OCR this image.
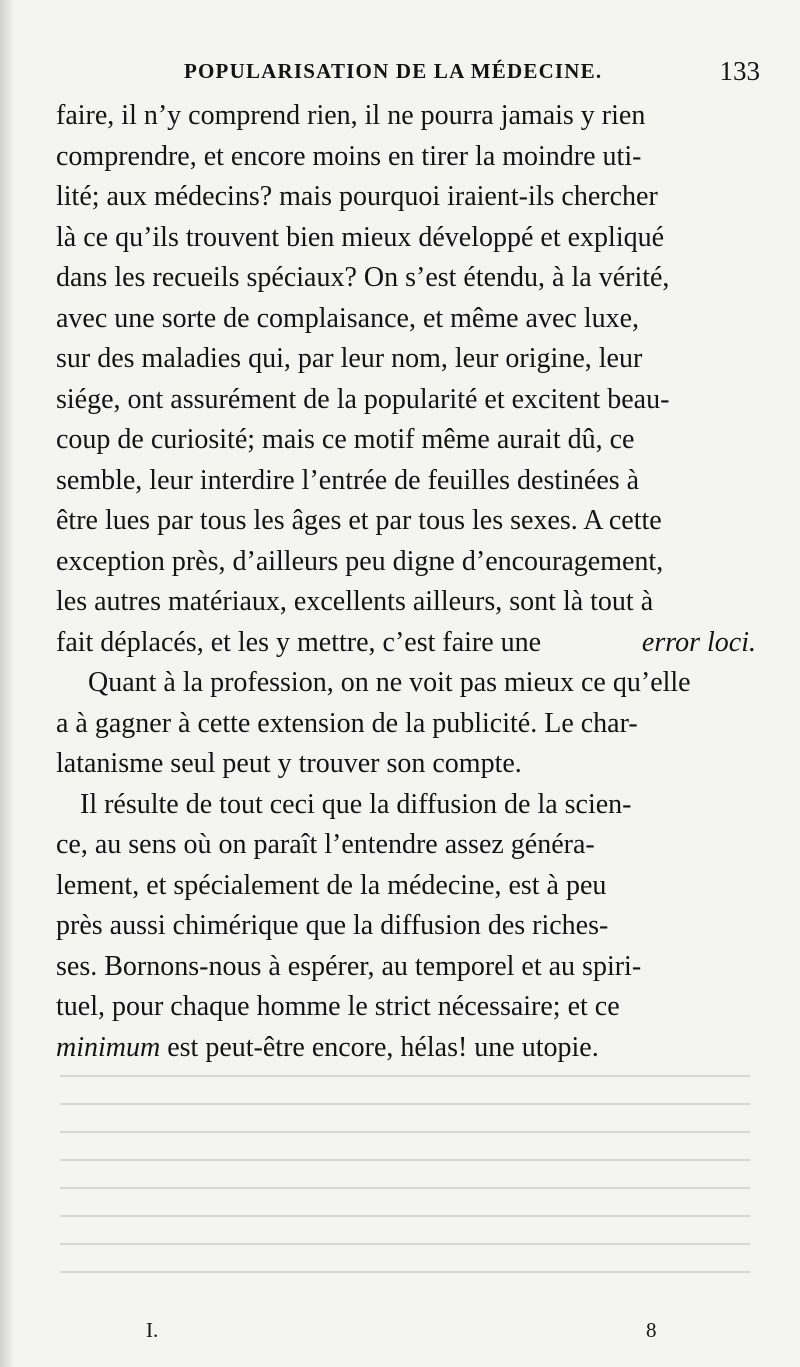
POPULARISATION DE LA MÉDECINE.	133
faire, il n’y comprend rien, il ne pourra jamais y rien
comprendre, et encore moins en tirer la moindre uti-
lité; aux médecins? mais pourquoi iraient-ils chercher
là ce qu’ils trouvent bien mieux développé et expliqué
dans les recueils spéciaux? On s’est étendu, à la vérité,
avec une sorte de complaisance, et même avec luxe,
sur des maladies qui, par leur nom, leur origine, leur
siége, ont assurément de la popularité et excitent beau-
coup de curiosité; mais ce motif même aurait dû, ce
semble, leur interdire l’entrée de feuilles destinées à
être lues par tous les âges et par tous les sexes. A cette
exception près, d’ailleurs peu digne d’encouragement,
les autres matériaux, excellents ailleurs, sont là tout à
fait déplacés, et les y mettre, c’est faire une	error loci.
Quant à la profession, on ne voit pas mieux ce qu’elle
a à gagner à cette extension de la publicité. Le char-
latanisme seul peut y trouver son compte.
Il résulte de tout ceci que la diffusion de la scien-
ce, au sens où on paraît l’entendre assez généra-
lement, et spécialement de la médecine, est à peu
près aussi chimérique que la diffusion des riches-
ses. Bornons-nous à espérer, au temporel et au spiri-
tuel, pour chaque homme le strict nécessaire; et ce
minimum
est peut-être encore, hélas! une utopie.
I.	8
